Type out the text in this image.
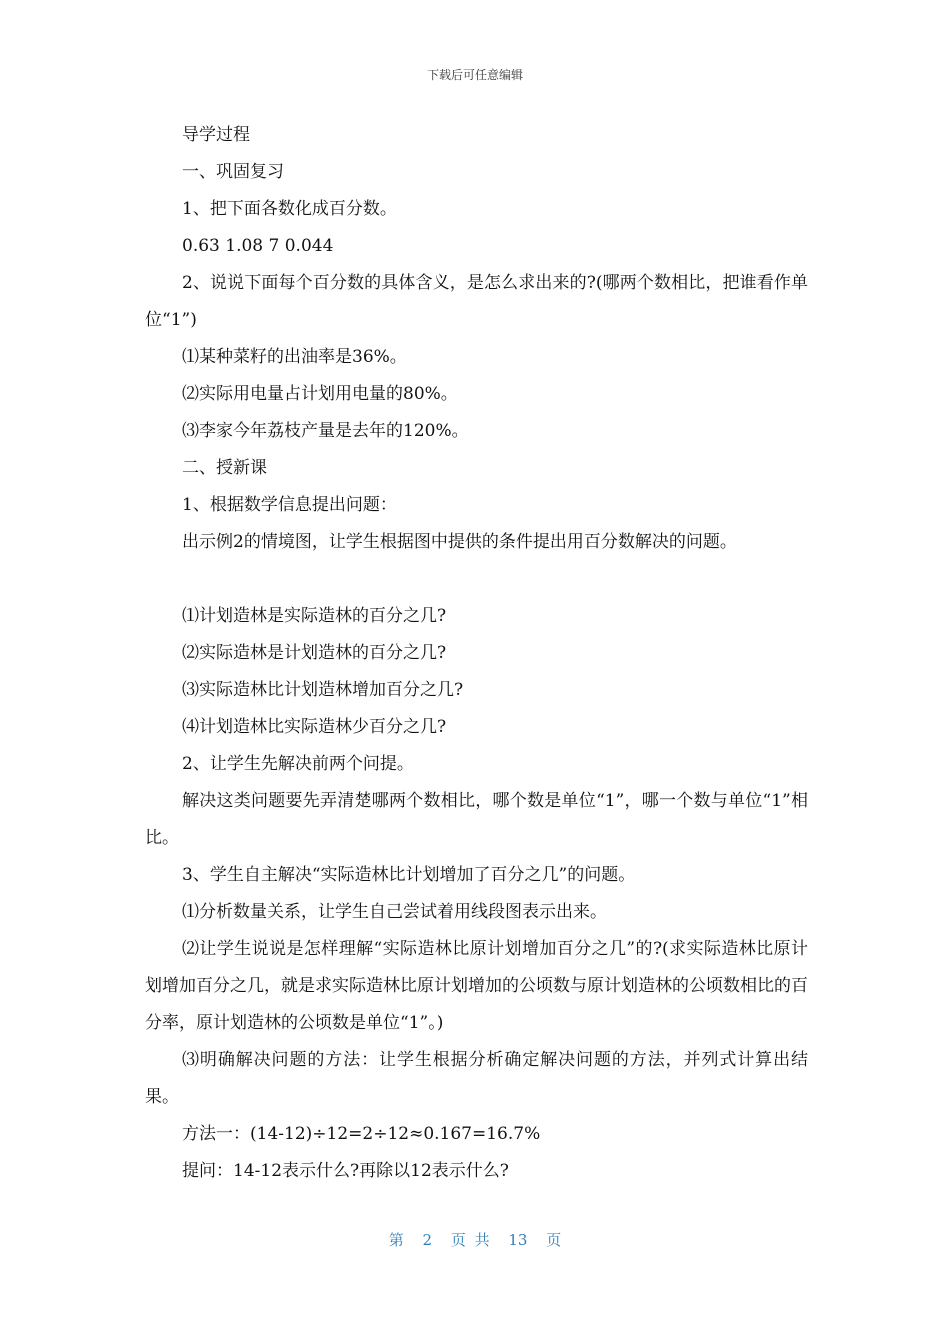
下载后可任意编辑

导学过程

一、巩固复习

1、把下面各数化成百分数。

0.63 1.08 7 0.044

2、说说下面每个百分数的具体含义，是怎么求出来的?(哪两个数相比，把谁看作单位“1”)

⑴某种菜籽的出油率是36%。

⑵实际用电量占计划用电量的80%。

⑶李家今年荔枝产量是去年的120%。

二、授新课

1、根据数学信息提出问题：

出示例2的情境图，让学生根据图中提供的条件提出用百分数解决的问题。

⑴计划造林是实际造林的百分之几?

⑵实际造林是计划造林的百分之几?

⑶实际造林比计划造林增加百分之几?

⑷计划造林比实际造林少百分之几?

2、让学生先解决前两个问提。

解决这类问题要先弄清楚哪两个数相比，哪个数是单位“1”，哪一个数与单位“1”相比。

3、学生自主解决“实际造林比计划增加了百分之几”的问题。

⑴分析数量关系，让学生自己尝试着用线段图表示出来。

⑵让学生说说是怎样理解“实际造林比原计划增加百分之几”的?(求实际造林比原计划增加百分之几，就是求实际造林比原计划增加的公顷数与原计划造林的公顷数相比的百分率，原计划造林的公顷数是单位“1”。)

⑶明确解决问题的方法：让学生根据分析确定解决问题的方法，并列式计算出结果。

方法一：(14-12)÷12=2÷12≈0.167=16.7%

提问：14-12表示什么?再除以12表示什么?

第 2 页 共 13 页
